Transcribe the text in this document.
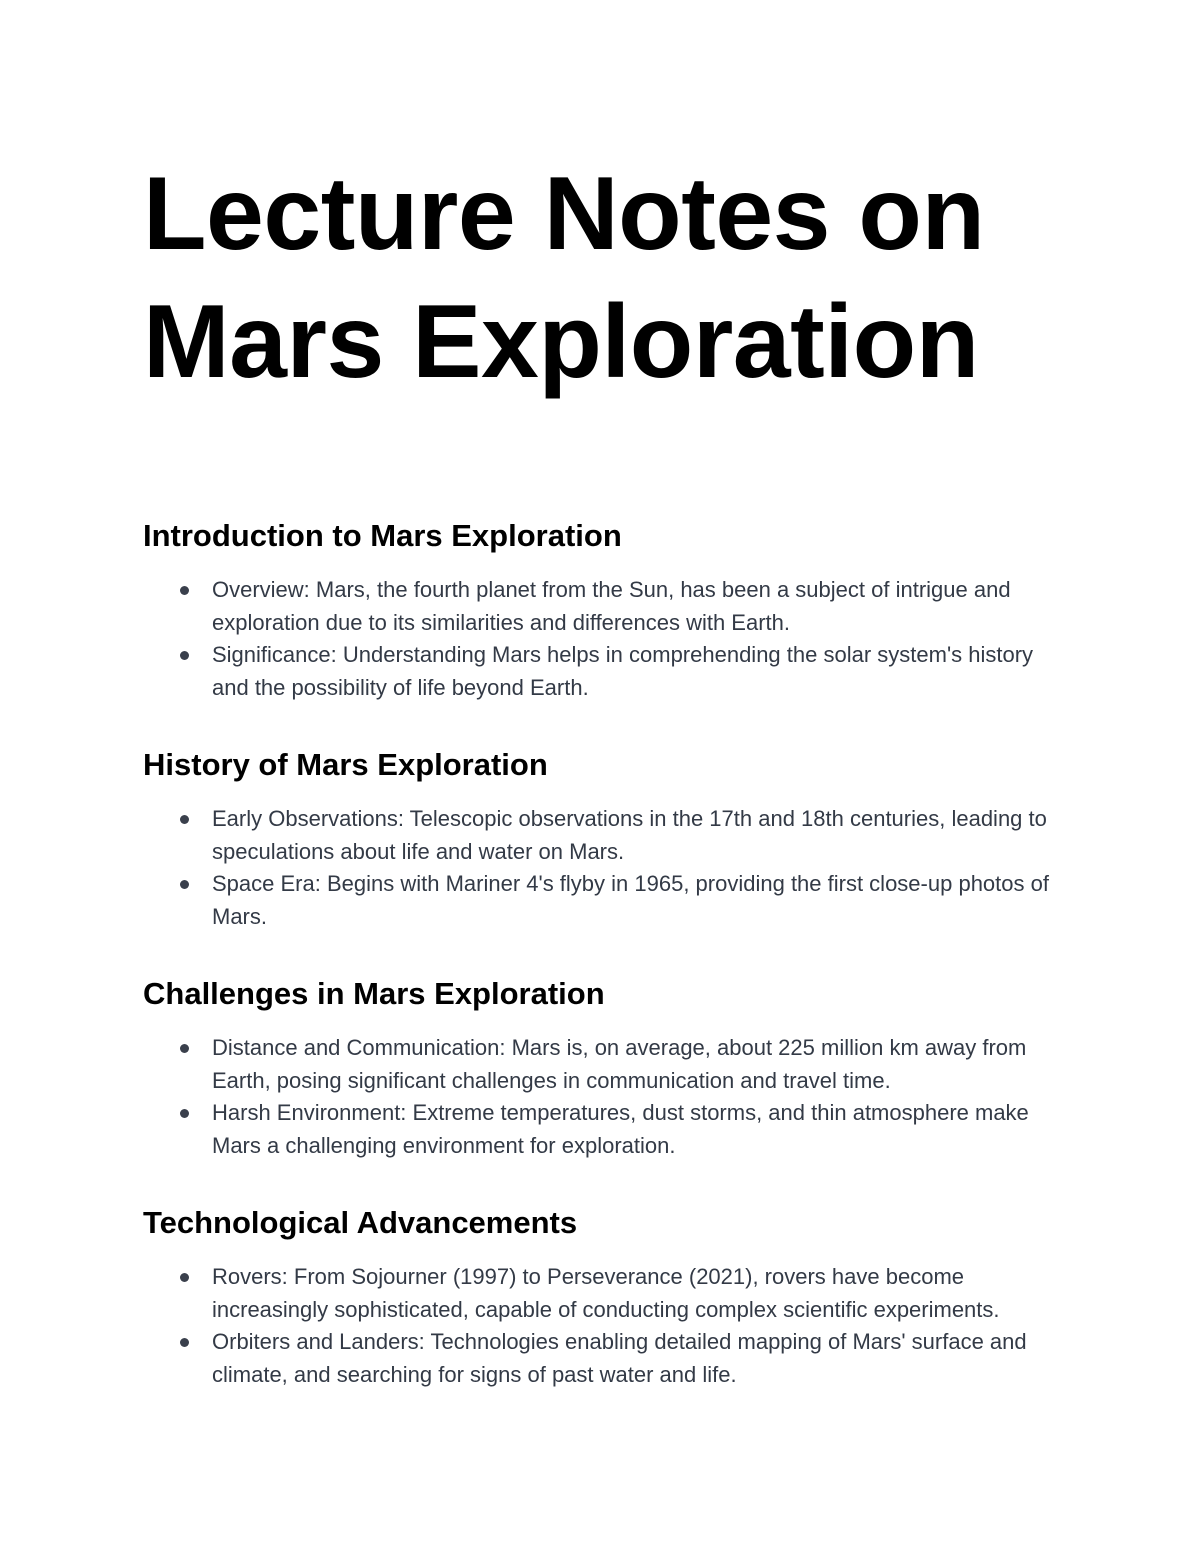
Lecture Notes on
Mars Exploration
Introduction to Mars Exploration
Overview: Mars, the fourth planet from the Sun, has been a subject of intrigue and exploration due to its similarities and differences with Earth.
Significance: Understanding Mars helps in comprehending the solar system's history and the possibility of life beyond Earth.
History of Mars Exploration
Early Observations: Telescopic observations in the 17th and 18th centuries, leading to speculations about life and water on Mars.
Space Era: Begins with Mariner 4's flyby in 1965, providing the first close-up photos of Mars.
Challenges in Mars Exploration
Distance and Communication: Mars is, on average, about 225 million km away from Earth, posing significant challenges in communication and travel time.
Harsh Environment: Extreme temperatures, dust storms, and thin atmosphere make Mars a challenging environment for exploration.
Technological Advancements
Rovers: From Sojourner (1997) to Perseverance (2021), rovers have become increasingly sophisticated, capable of conducting complex scientific experiments.
Orbiters and Landers: Technologies enabling detailed mapping of Mars' surface and climate, and searching for signs of past water and life.
